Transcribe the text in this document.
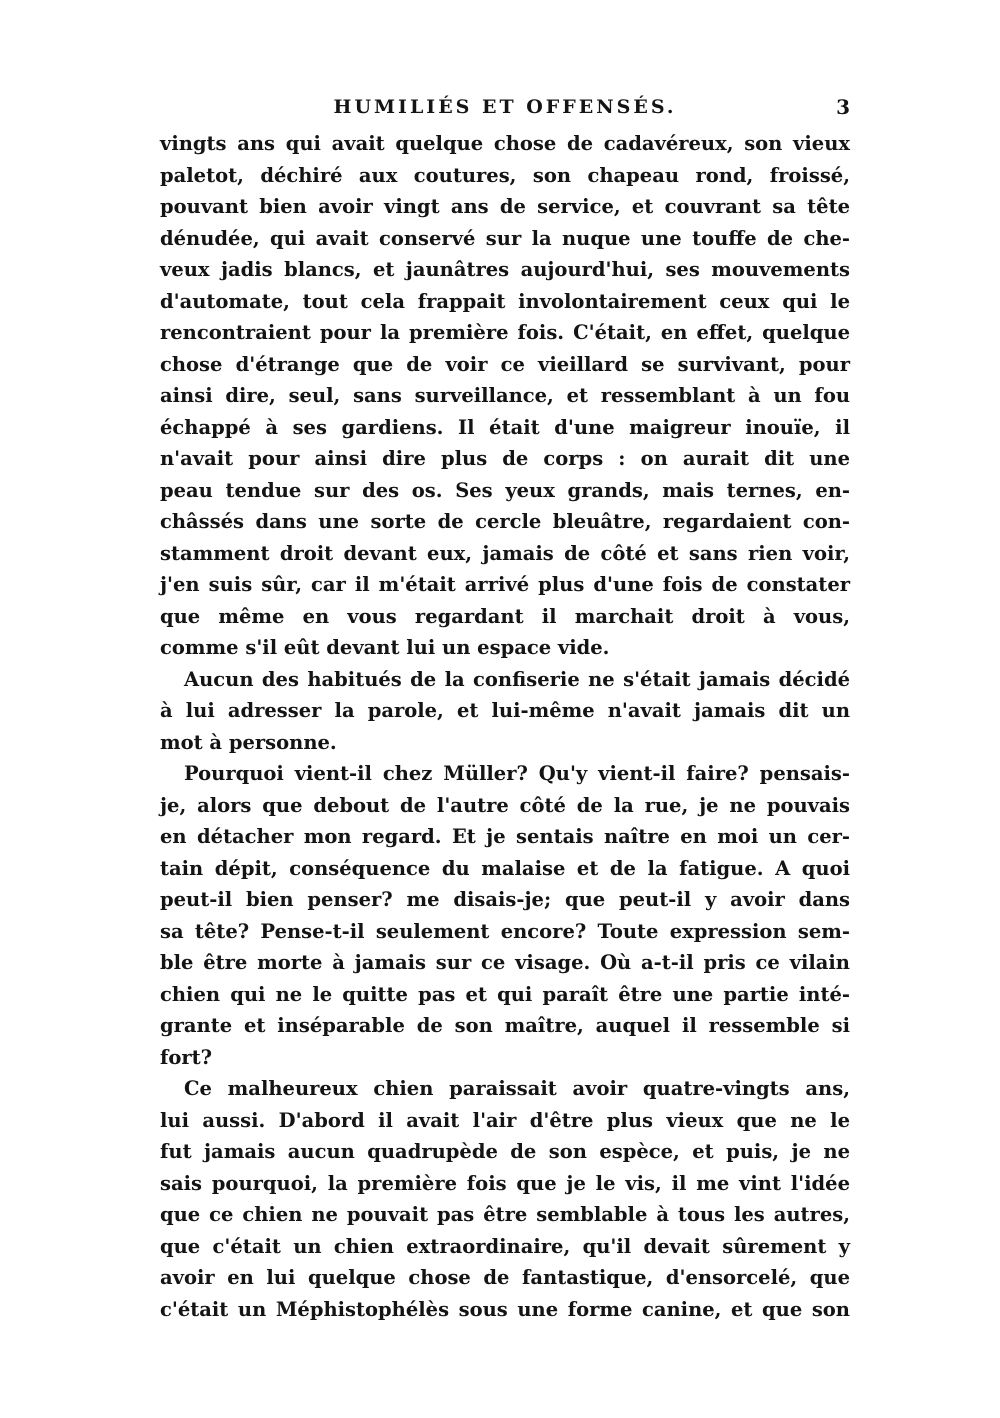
HUMILIÉS ET OFFENSÉS.	3
vingts ans qui avait quelque chose de cadavéreux, son vieux
paletot, déchiré aux coutures, son chapeau rond, froissé,
pouvant bien avoir vingt ans de service, et couvrant sa tête
dénudée, qui avait conservé sur la nuque une touffe de che-
veux jadis blancs, et jaunâtres aujourd'hui, ses mouvements
d'automate, tout cela frappait involontairement ceux qui le
rencontraient pour la première fois. C'était, en effet, quelque
chose d'étrange que de voir ce vieillard se survivant, pour
ainsi dire, seul, sans surveillance, et ressemblant à un fou
échappé à ses gardiens. Il était d'une maigreur inouïe, il
n'avait pour ainsi dire plus de corps : on aurait dit une
peau tendue sur des os. Ses yeux grands, mais ternes, en-
châssés dans une sorte de cercle bleuâtre, regardaient con-
stamment droit devant eux, jamais de côté et sans rien voir,
j'en suis sûr, car il m'était arrivé plus d'une fois de constater
que même en vous regardant il marchait droit à vous,
comme s'il eût devant lui un espace vide.
Aucun des habitués de la confiserie ne s'était jamais décidé
à lui adresser la parole, et lui-même n'avait jamais dit un
mot à personne.
Pourquoi vient-il chez Müller? Qu'y vient-il faire? pensais-
je, alors que debout de l'autre côté de la rue, je ne pouvais
en détacher mon regard. Et je sentais naître en moi un cer-
tain dépit, conséquence du malaise et de la fatigue. A quoi
peut-il bien penser? me disais-je; que peut-il y avoir dans
sa tête? Pense-t-il seulement encore? Toute expression sem-
ble être morte à jamais sur ce visage. Où a-t-il pris ce vilain
chien qui ne le quitte pas et qui paraît être une partie inté-
grante et inséparable de son maître, auquel il ressemble si
fort?
Ce malheureux chien paraissait avoir quatre-vingts ans,
lui aussi. D'abord il avait l'air d'être plus vieux que ne le
fut jamais aucun quadrupède de son espèce, et puis, je ne
sais pourquoi, la première fois que je le vis, il me vint l'idée
que ce chien ne pouvait pas être semblable à tous les autres,
que c'était un chien extraordinaire, qu'il devait sûrement y
avoir en lui quelque chose de fantastique, d'ensorcelé, que
c'était un Méphistophélès sous une forme canine, et que son
